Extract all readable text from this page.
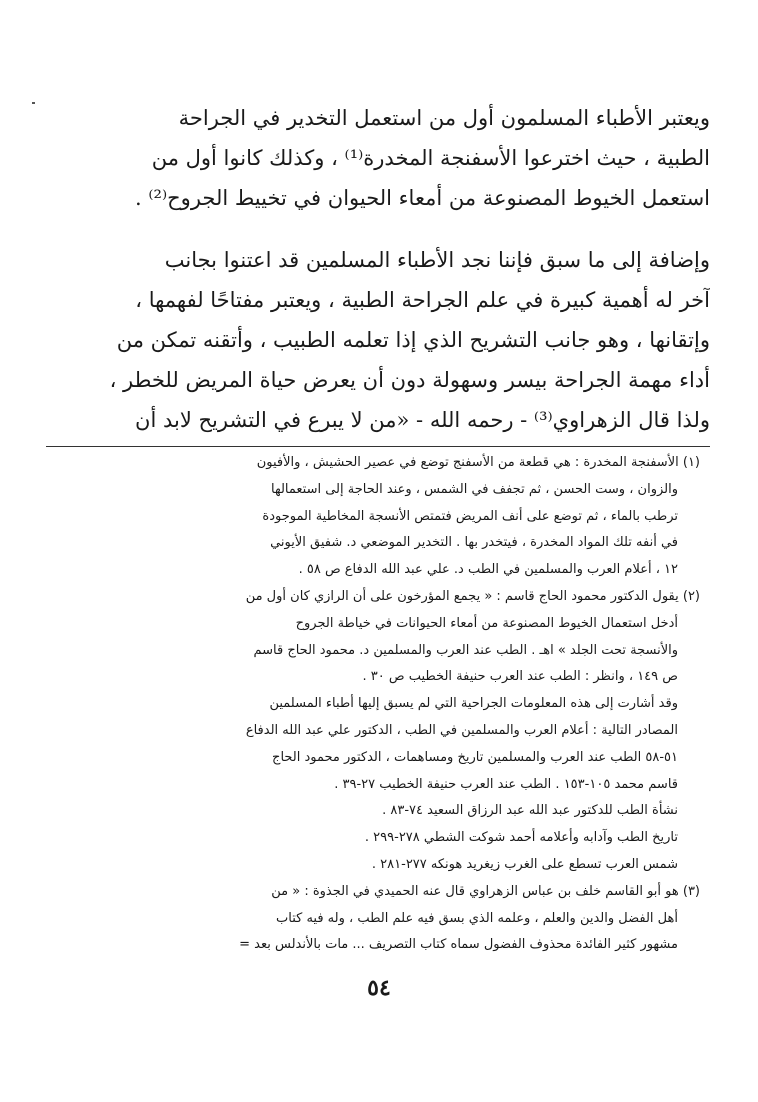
ويعتبر الأطباء المسلمون أول من استعمل التخدير في الجراحة
الطبية ، حيث اخترعوا الأسفنجة المخدرة⁽¹⁾ ، وكذلك كانوا أول من
استعمل الخيوط المصنوعة من أمعاء الحيوان في تخييط الجروح⁽²⁾ .
وإضافة إلى ما سبق فإننا نجد الأطباء المسلمين قد اعتنوا بجانب
آخر له أهمية كبيرة في علم الجراحة الطبية ، ويعتبر مفتاحًا لفهمها ،
وإتقانها ، وهو جانب التشريح الذي إذا تعلمه الطبيب ، وأتقنه تمكن من
أداء مهمة الجراحة بيسر وسهولة دون أن يعرض حياة المريض للخطر ،
ولذا قال الزهراوي⁽³⁾ - رحمه الله - «من لا يبرع في التشريح لابد أن
(١) الأسفنجة المخدرة : هي قطعة من الأسفنج توضع في عصير الحشيش ، والأفيون
والزوان ، وست الحسن ، ثم تجفف في الشمس ، وعند الحاجة إلى استعمالها
ترطب بالماء ، ثم توضع على أنف المريض فتمتص الأنسجة المخاطية الموجودة
في أنفه تلك المواد المخدرة ، فيتخدر بها . التخدير الموضعي د. شفيق الأيوني
١٢ ، أعلام العرب والمسلمين في الطب د. علي عبد الله الدفاع ص ٥٨ .
(٢) يقول الدكتور محمود الحاج قاسم : « يجمع المؤرخون على أن الرازي كان أول من
أدخل استعمال الخيوط المصنوعة من أمعاء الحيوانات في خياطة الجروح
والأنسجة تحت الجلد » اهـ . الطب عند العرب والمسلمين د. محمود الحاج قاسم
ص ١٤٩ ، وانظر : الطب عند العرب حنيفة الخطيب ص ٣٠ .
وقد أشارت إلى هذه المعلومات الجراحية التي لم يسبق إليها أطباء المسلمين
المصادر التالية : أعلام العرب والمسلمين في الطب ، الدكتور علي عبد الله الدفاع
٥١-٥٨ الطب عند العرب والمسلمين تاريخ ومساهمات ، الدكتور محمود الحاج
قاسم محمد ١٠٥-١٥٣ . الطب عند العرب حنيفة الخطيب ٢٧-٣٩ .
نشأة الطب للدكتور عبد الله عبد الرزاق السعيد ٧٤-٨٣ .
تاريخ الطب وآدابه وأعلامه أحمد شوكت الشطي ٢٧٨-٢٩٩ .
شمس العرب تسطع على الغرب زيغريد هونكه ٢٧٧-٢٨١ .
(٣) هو أبو القاسم خلف بن عباس الزهراوي قال عنه الحميدي في الجذوة : « من
أهل الفضل والدين والعلم ، وعلمه الذي بسق فيه علم الطب ، وله فيه كتاب
مشهور كثير الفائدة محذوف الفضول سماه كتاب التصريف ... مات بالأندلس بعد =
٥٤
